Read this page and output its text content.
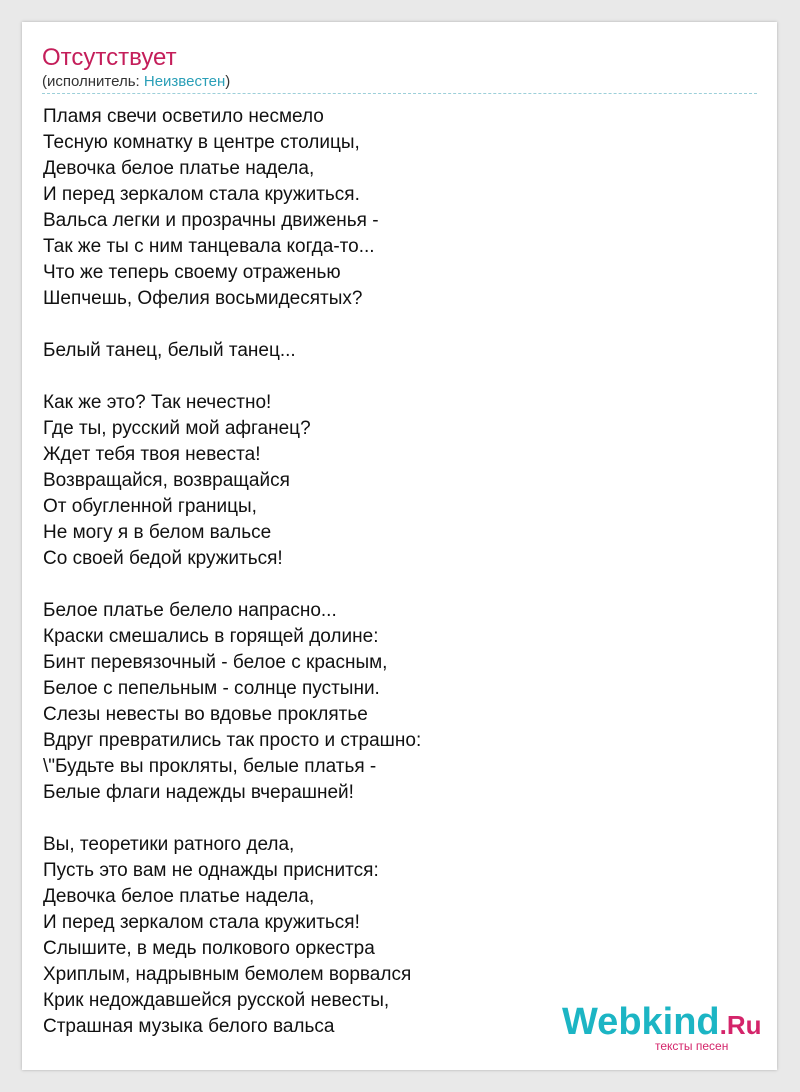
Отсутствует
(исполнитель: Неизвестен)
Пламя свечи осветило несмело
Тесную комнатку в центре столицы,
Девочка белое платье надела,
И перед зеркалом стала кружиться.
Вальса легки и прозрачны движенья -
Так же ты с ним танцевала когда-то...
Что же теперь своему отраженью
Шепчешь, Офелия восьмидесятых?
Белый танец, белый танец...
Как же это? Так нечестно!
Где ты, русский мой афганец?
Ждет тебя твоя невеста!
Возвращайся, возвращайся
От обугленной границы,
Не могу я в белом вальсе
Со своей бедой кружиться!
Белое платье белело напрасно...
Краски смешались в горящей долине:
Бинт перевязочный - белое с красным,
Белое с пепельным - солнце пустыни.
Слезы невесты во вдовье проклятье
Вдруг превратились так просто и страшно:
\"Будьте вы прокляты, белые платья -
Белые флаги надежды вчерашней!
Вы, теоретики ратного дела,
Пусть это вам не однажды приснится:
Девочка белое платье надела,
И перед зеркалом стала кружиться!
Слышите, в медь полкового оркестра
Хриплым, надрывным бемолем ворвался
Крик недождавшейся русской невесты,
Страшная музыка белого вальса	Webkind.Ru
тексты песен
